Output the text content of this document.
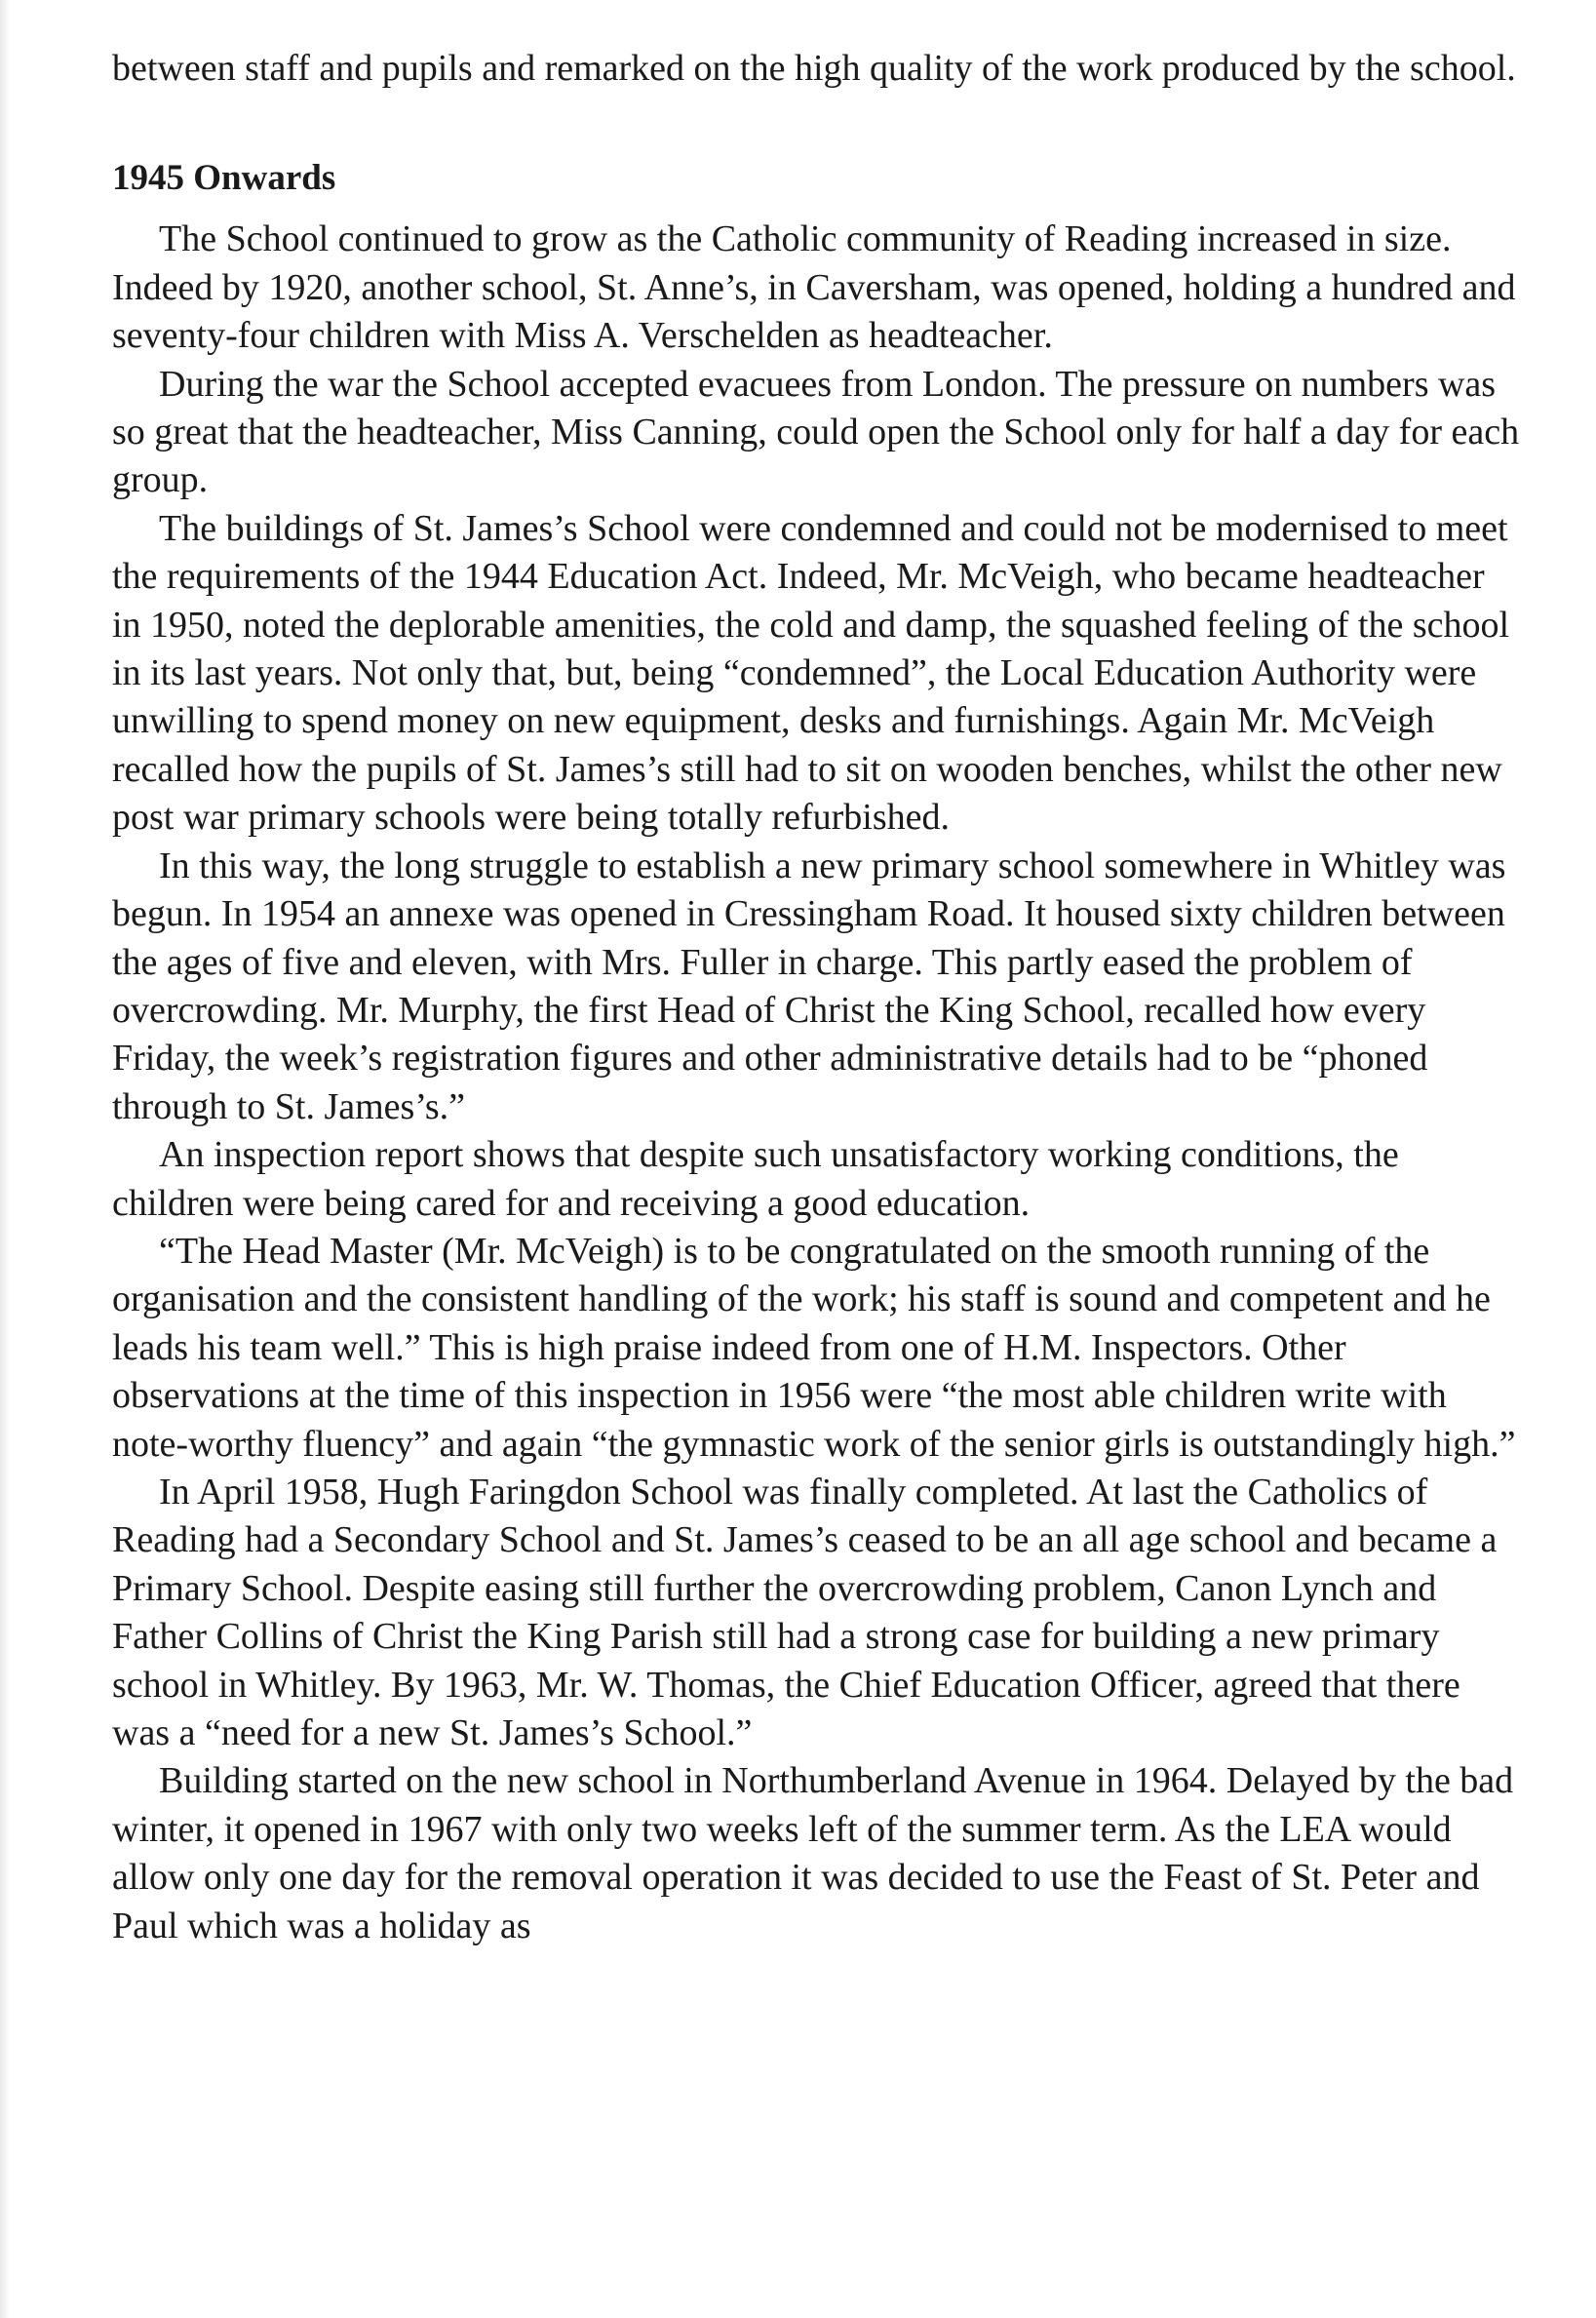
between staff and pupils and remarked on the high quality of the work produced by the school.

1945 Onwards

The School continued to grow as the Catholic community of Reading increased in size. Indeed by 1920, another school, St. Anne’s, in Caversham, was opened, holding a hundred and seventy-four children with Miss A. Verschelden as headteacher.

During the war the School accepted evacuees from London. The pressure on numbers was so great that the headteacher, Miss Canning, could open the School only for half a day for each group.

The buildings of St. James’s School were condemned and could not be modernised to meet the requirements of the 1944 Education Act. Indeed, Mr. McVeigh, who became headteacher in 1950, noted the deplorable amenities, the cold and damp, the squashed feeling of the school in its last years. Not only that, but, being “condemned”, the Local Education Authority were unwilling to spend money on new equipment, desks and furnishings. Again Mr. McVeigh recalled how the pupils of St. James’s still had to sit on wooden benches, whilst the other new post war primary schools were being totally refurbished.

In this way, the long struggle to establish a new primary school somewhere in Whitley was begun. In 1954 an annexe was opened in Cressingham Road. It housed sixty children between the ages of five and eleven, with Mrs. Fuller in charge. This partly eased the problem of overcrowding. Mr. Murphy, the first Head of Christ the King School, recalled how every Friday, the week’s registration figures and other administrative details had to be “phoned through to St. James’s.”

An inspection report shows that despite such unsatisfactory working conditions, the children were being cared for and receiving a good education.

“The Head Master (Mr. McVeigh) is to be congratulated on the smooth running of the organisation and the consistent handling of the work; his staff is sound and competent and he leads his team well.” This is high praise indeed from one of H.M. Inspectors. Other observations at the time of this inspection in 1956 were “the most able children write with note-worthy fluency” and again “the gymnastic work of the senior girls is outstandingly high.”

In April 1958, Hugh Faringdon School was finally completed. At last the Catholics of Reading had a Secondary School and St. James’s ceased to be an all age school and became a Primary School. Despite easing still further the overcrowding problem, Canon Lynch and Father Collins of Christ the King Parish still had a strong case for building a new primary school in Whitley. By 1963, Mr. W. Thomas, the Chief Education Officer, agreed that there was a “need for a new St. James’s School.”

Building started on the new school in Northumberland Avenue in 1964. Delayed by the bad winter, it opened in 1967 with only two weeks left of the summer term. As the LEA would allow only one day for the removal operation it was decided to use the Feast of St. Peter and Paul which was a holiday as
